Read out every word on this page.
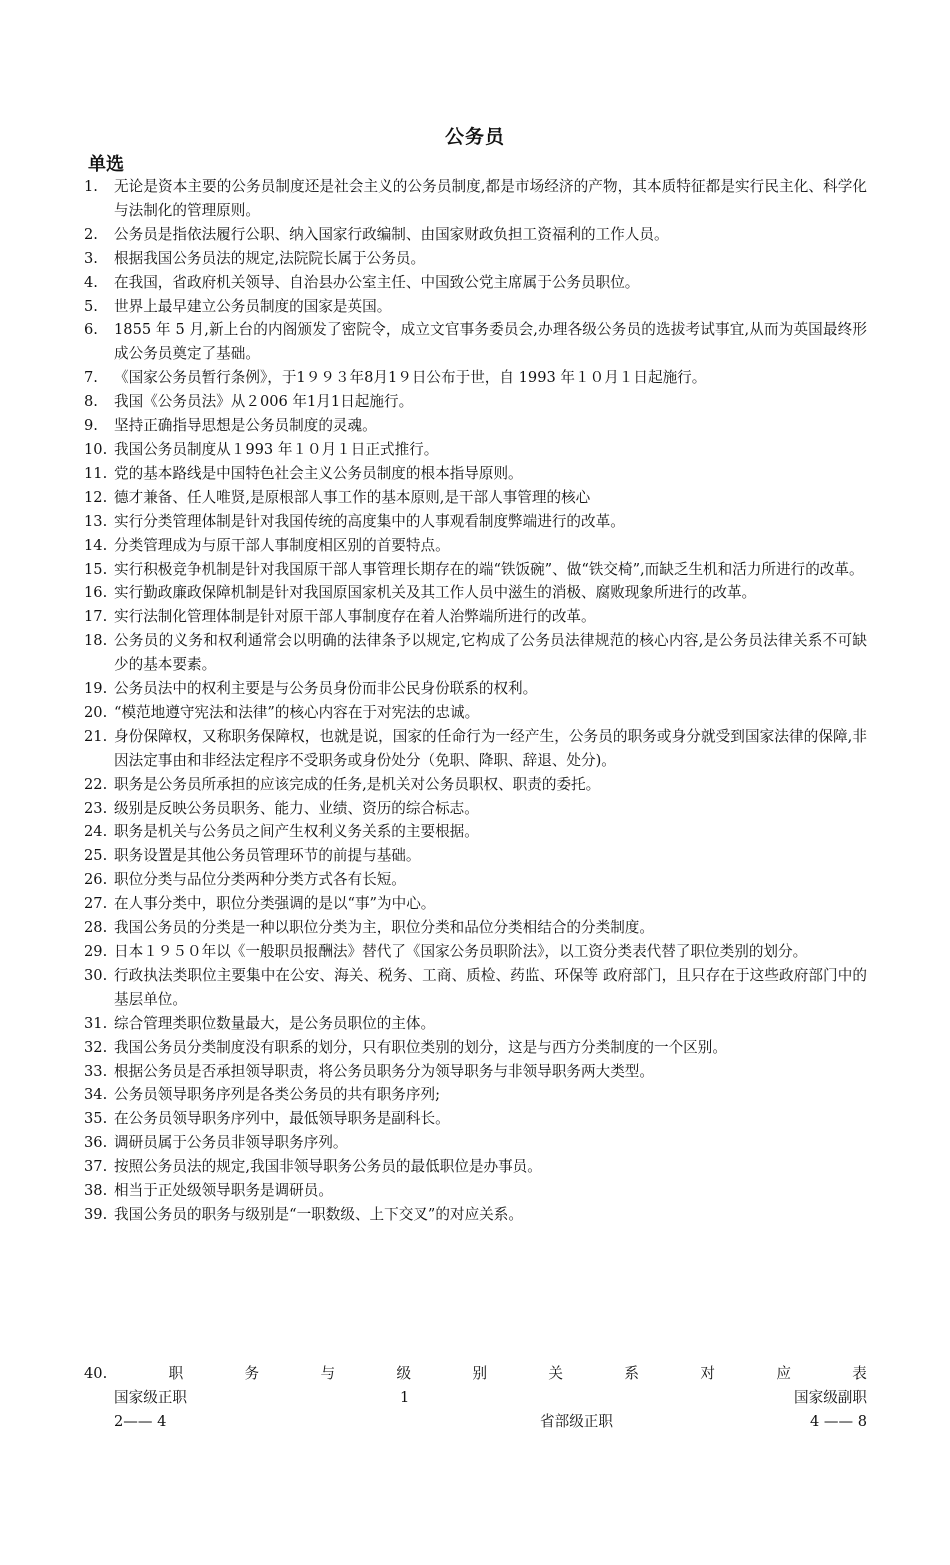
公务员
单选
1. 无论是资本主要的公务员制度还是社会主义的公务员制度,都是市场经济的产物，其本质特征都是实行民主化、科学化与法制化的管理原则。
2. 公务员是指依法履行公职、纳入国家行政编制、由国家财政负担工资福利的工作人员。
3. 根据我国公务员法的规定,法院院长属于公务员。
4. 在我国，省政府机关领导、自治县办公室主任、中国致公党主席属于公务员职位。
5. 世界上最早建立公务员制度的国家是英国。
6. 1855 年 5 月,新上台的内阁颁发了密院令，成立文官事务委员会,办理各级公务员的选拔考试事宜,从而为英国最终形成公务员奠定了基础。
7. 《国家公务员暂行条例》，于1９９３年8月1９日公布于世，自 1993 年１０月１日起施行。
8. 我国《公务员法》从２006 年1月1日起施行。
9. 坚持正确指导思想是公务员制度的灵魂。
10. 我国公务员制度从１993 年１０月１日正式推行。
11. 党的基本路线是中国特色社会主义公务员制度的根本指导原则。
12. 德才兼备、任人唯贤,是原根部人事工作的基本原则,是干部人事管理的核心
13. 实行分类管理体制是针对我国传统的高度集中的人事观看制度弊端进行的改革。
14. 分类管理成为与原干部人事制度相区别的首要特点。
15. 实行积极竞争机制是针对我国原干部人事管理长期存在的端“铁饭碗”、做“铁交椅”,而缺乏生机和活力所进行的改革。
16. 实行勤政廉政保障机制是针对我国原国家机关及其工作人员中滋生的消极、腐败现象所进行的改革。
17. 实行法制化管理体制是针对原干部人事制度存在着人治弊端所进行的改革。
18. 公务员的义务和权利通常会以明确的法律条予以规定,它构成了公务员法律规范的核心内容,是公务员法律关系不可缺少的基本要素。
19. 公务员法中的权利主要是与公务员身份而非公民身份联系的权利。
20. “模范地遵守宪法和法律”的核心内容在于对宪法的忠诚。
21. 身份保障权，又称职务保障权，也就是说，国家的任命行为一经产生，公务员的职务或身分就受到国家法律的保障,非因法定事由和非经法定程序不受职务或身份处分（免职、降职、辞退、处分)。
22. 职务是公务员所承担的应该完成的任务,是机关对公务员职权、职责的委托。
23. 级别是反映公务员职务、能力、业绩、资历的综合标志。
24. 职务是机关与公务员之间产生权利义务关系的主要根据。
25. 职务设置是其他公务员管理环节的前提与基础。
26. 职位分类与品位分类两种分类方式各有长短。
27. 在人事分类中，职位分类强调的是以“事”为中心。
28. 我国公务员的分类是一种以职位分类为主，职位分类和品位分类相结合的分类制度。
29. 日本１９５０年以《一般职员报酬法》替代了《国家公务员职阶法》，以工资分类表代替了职位类别的划分。
30. 行政执法类职位主要集中在公安、海关、税务、工商、质检、药监、环保等 政府部门，且只存在于这些政府部门中的基层单位。
31. 综合管理类职位数量最大，是公务员职位的主体。
32. 我国公务员分类制度没有职系的划分，只有职位类别的划分，这是与西方分类制度的一个区别。
33. 根据公务员是否承担领导职责，将公务员职务分为领导职务与非领导职务两大类型。
34. 公务员领导职务序列是各类公务员的共有职务序列;
35. 在公务员领导职务序列中，最低领导职务是副科长。
36. 调研员属于公务员非领导职务序列。
37. 按照公务员法的规定,我国非领导职务公务员的最低职位是办事员。
38. 相当于正处级领导职务是调研员。
39. 我国公务员的职务与级别是“一职数级、上下交叉”的对应关系。
40.	职	务	与	级	别	关	系	对	应	表
国家级正职	1	国家级副职
2—— 4	省部级正职	4 —— 8
